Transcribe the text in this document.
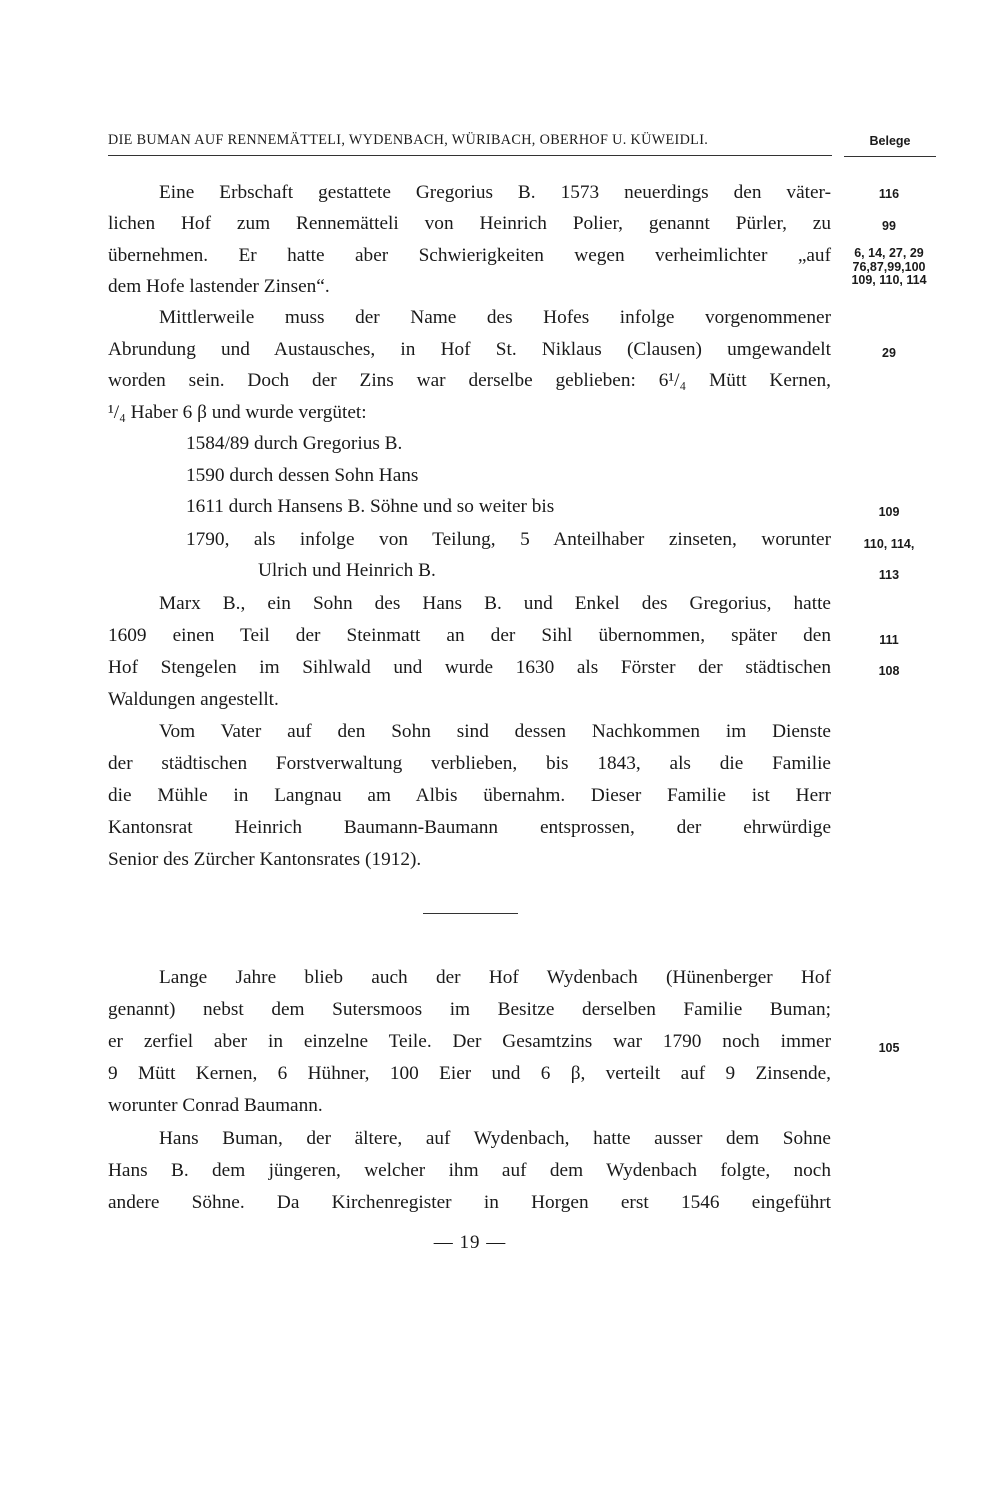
DIE BUMAN AUF RENNEMÄTTELI, WYDENBACH, WÜRIBACH, OBERHOF U. KÜWEIDLI.	Belege
Eine Erbschaft gestattete Gregorius B. 1573 neuerdings den väter-
lichen Hof zum Rennemätteli von Heinrich Polier, genannt Pürler, zu
übernehmen. Er hatte aber Schwierigkeiten wegen verheimlichter „auf
dem Hofe lastender Zinsen“.
Mittlerweile muss der Name des Hofes infolge vorgenommener
Abrundung und Austausches, in Hof St. Niklaus (Clausen) umgewandelt
worden sein. Doch der Zins war derselbe geblieben: 6¹/₄ Mütt Kernen,
¹/₄ Haber 6 β und wurde vergütet:
1584/89 durch Gregorius B.
1590 durch dessen Sohn Hans
1611 durch Hansens B. Söhne und so weiter bis
1790, als infolge von Teilung, 5 Anteilhaber zinseten, worunter
Ulrich und Heinrich B.
Marx B., ein Sohn des Hans B. und Enkel des Gregorius, hatte
1609 einen Teil der Steinmatt an der Sihl übernommen, später den
Hof Stengelen im Sihlwald und wurde 1630 als Förster der städtischen
Waldungen angestellt.
Vom Vater auf den Sohn sind dessen Nachkommen im Dienste
der städtischen Forstverwaltung verblieben, bis 1843, als die Familie
die Mühle in Langnau am Albis übernahm. Dieser Familie ist Herr
Kantonsrat Heinrich Baumann-Baumann entsprossen, der ehrwürdige
Senior des Zürcher Kantonsrates (1912).
Lange Jahre blieb auch der Hof Wydenbach (Hünenberger Hof
genannt) nebst dem Sutersmoos im Besitze derselben Familie Buman;
er zerfiel aber in einzelne Teile. Der Gesamtzins war 1790 noch immer
9 Mütt Kernen, 6 Hühner, 100 Eier und 6 β, verteilt auf 9 Zinsende,
worunter Conrad Baumann.
Hans Buman, der ältere, auf Wydenbach, hatte ausser dem Sohne
Hans B. dem jüngeren, welcher ihm auf dem Wydenbach folgte, noch
andere Söhne. Da Kirchenregister in Horgen erst 1546 eingeführt
116
99
6, 14, 27, 29
76,87,99,100
109, 110, 114
29
109
110, 114,
113
111
108
105
— 19 —
